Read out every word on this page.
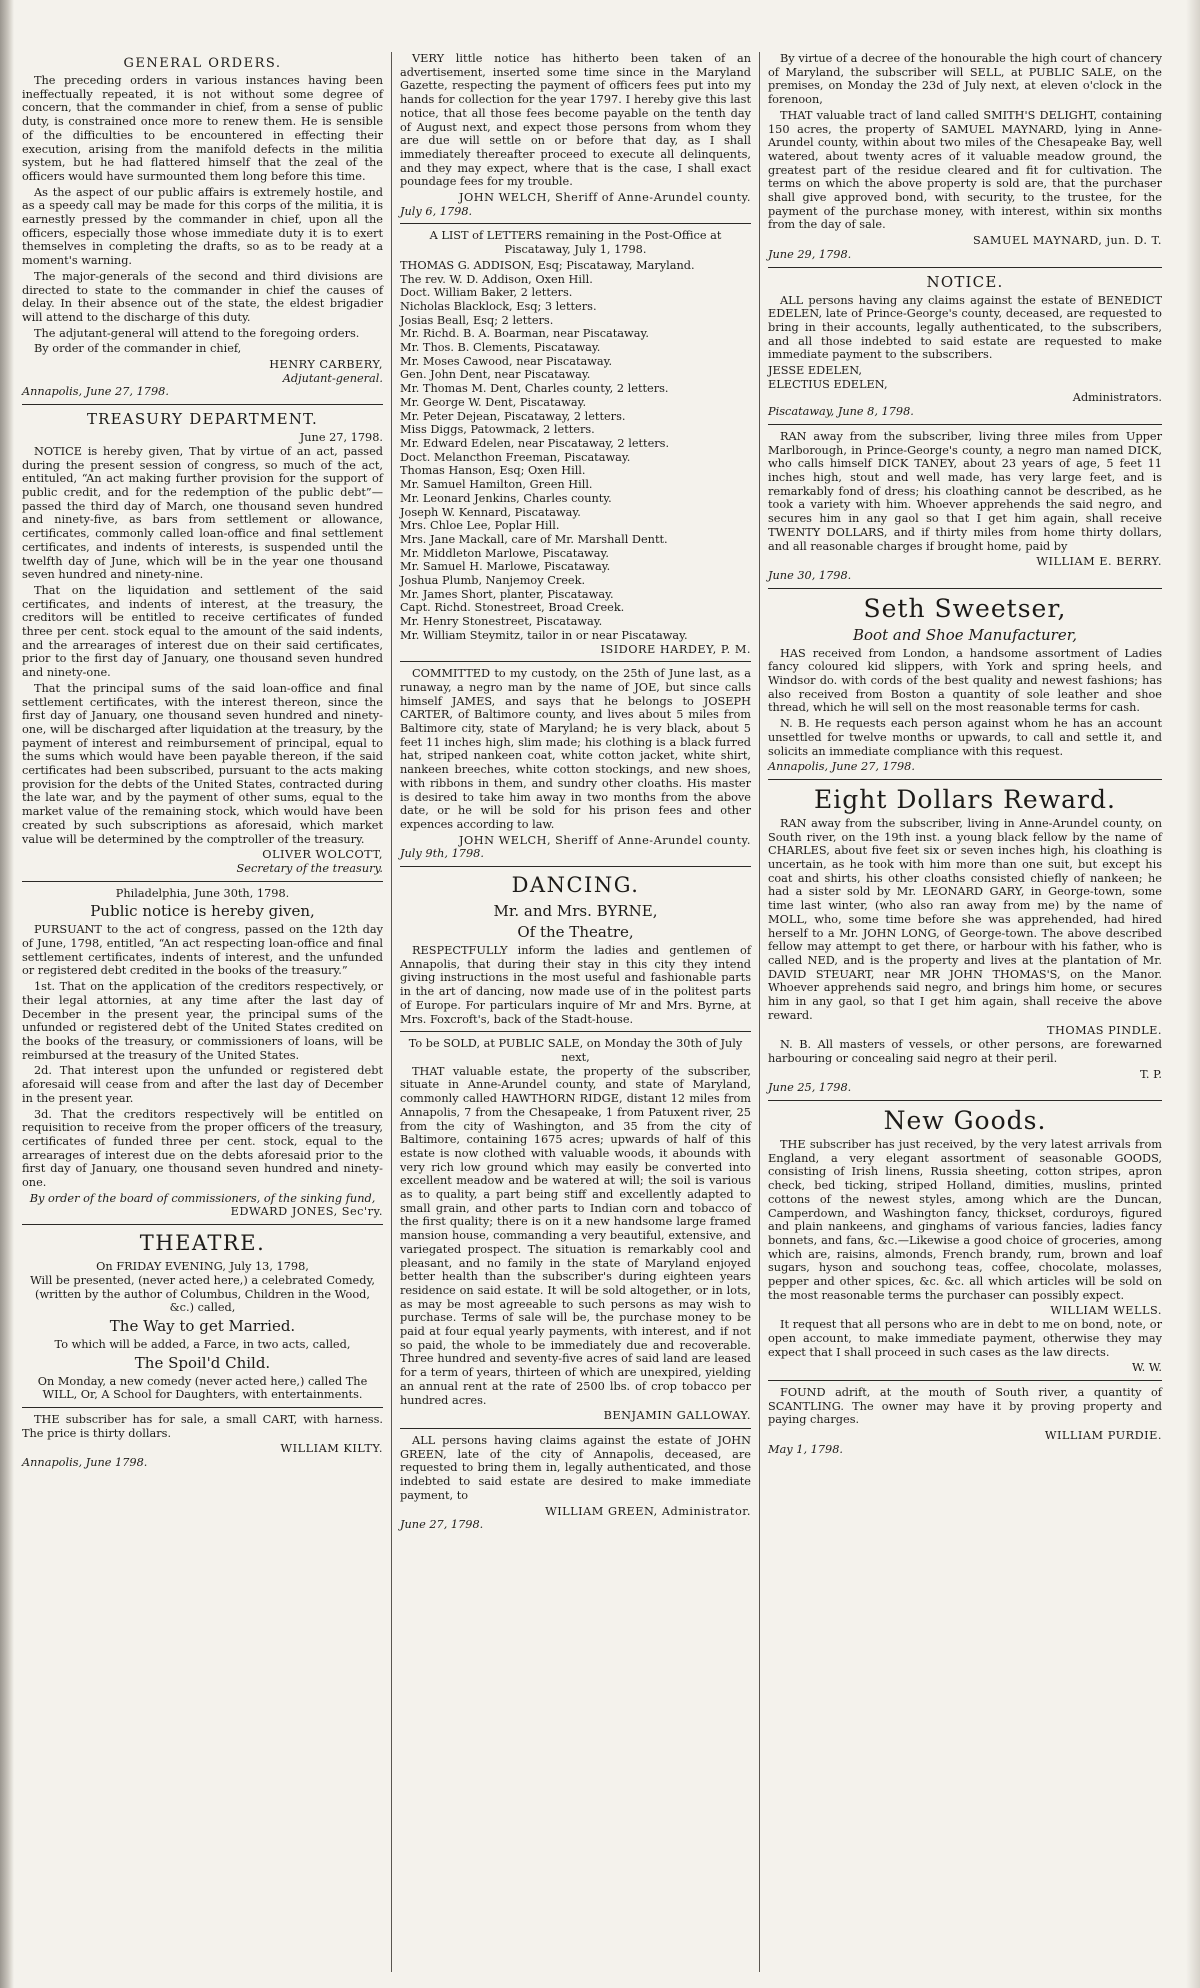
GENERAL ORDERS.

The preceding orders in various instances having been ineffectually repeated, it is not without some degree of concern, that the commander in chief, from a sense of public duty, is constrained once more to renew them. He is sensible of the difficulties to be encountered in effecting their execution, arising from the manifold defects in the militia system, but he had flattered himself that the zeal of the officers would have surmounted them long before this time.

As the aspect of our public affairs is extremely hostile, and as a speedy call may be made for this corps of the militia, it is earnestly pressed by the commander in chief, upon all the officers, especially those whose immediate duty it is to exert themselves in completing the drafts, so as to be ready at a moment's warning.

The major-generals of the second and third divisions are directed to state to the commander in chief the causes of delay. In their absence out of the state, the eldest brigadier will attend to the discharge of this duty.

The adjutant-general will attend to the foregoing orders.

By order of the commander in chief,

HENRY CARBERY,
Adjutant-general.

Annapolis, June 27, 1798.

TREASURY DEPARTMENT.
June 27, 1798.

NOTICE is hereby given, That by virtue of an act, passed during the present session of congress, so much of the act, entituled, “An act making further provision for the support of public credit, and for the redemption of the public debt”—passed the third day of March, one thousand seven hundred and ninety-five, as bars from settlement or allowance, certificates, commonly called loan-office and final settlement certificates, and indents of interests, is suspended until the twelfth day of June, which will be in the year one thousand seven hundred and ninety-nine.

That on the liquidation and settlement of the said certificates, and indents of interest, at the treasury, the creditors will be entitled to receive certificates of funded three per cent. stock equal to the amount of the said indents, and the arrearages of interest due on their said certificates, prior to the first day of January, one thousand seven hundred and ninety-one.

That the principal sums of the said loan-office and final settlement certificates, with the interest thereon, since the first day of January, one thousand seven hundred and ninety-one, will be discharged after liquidation at the treasury, by the payment of interest and reimbursement of principal, equal to the sums which would have been payable thereon, if the said certificates had been subscribed, pursuant to the acts making provision for the debts of the United States, contracted during the late war, and by the payment of other sums, equal to the market value of the remaining stock, which would have been created by such subscriptions as aforesaid, which market value will be determined by the comptroller of the treasury.

OLIVER WOLCOTT,
Secretary of the treasury.
Philadelphia, June 30th, 1798.
Public notice is hereby given,

PURSUANT to the act of congress, passed on the 12th day of June, 1798, entitled, “An act respecting loan-office and final settlement certificates, indents of interest, and the unfunded or registered debt credited in the books of the treasury.”

1st. That on the application of the creditors respectively, or their legal attornies, at any time after the last day of December in the present year, the principal sums of the unfunded or registered debt of the United States credited on the books of the treasury, or commissioners of loans, will be reimbursed at the treasury of the United States.

2d. That interest upon the unfunded or registered debt aforesaid will cease from and after the last day of December in the present year.

3d. That the creditors respectively will be entitled on requisition to receive from the proper officers of the treasury, certificates of funded three per cent. stock, equal to the arrearages of interest due on the debts aforesaid prior to the first day of January, one thousand seven hundred and ninety-one.

By order of the board of commissioners, of the sinking fund,
EDWARD JONES, Sec'ry.
THEATRE.
On FRIDAY EVENING, July 13, 1798,
Will be presented, (never acted here,) a celebrated Comedy, (written by the author of Columbus, Children in the Wood, &c.) called,
The Way to get Married.
To which will be added, a Farce, in two acts, called,
The Spoil'd Child.
On Monday, a new comedy (never acted here,) called The WILL, Or, A School for Daughters, with entertainments.

THE subscriber has for sale, a small CART, with harness. The price is thirty dollars.

WILLIAM KILTY.
Annapolis, June 1798.

VERY little notice has hitherto been taken of an advertisement, inserted some time since in the Maryland Gazette, respecting the payment of officers fees put into my hands for collection for the year 1797. I hereby give this last notice, that all those fees become payable on the tenth day of August next, and expect those persons from whom they are due will settle on or before that day, as I shall immediately thereafter proceed to execute all delinquents, and they may expect, where that is the case, I shall exact poundage fees for my trouble.

JOHN WELCH, Sheriff of Anne-Arundel county.
July 6, 1798.

A LIST of LETTERS remaining in the Post-Office at Piscataway, July 1, 1798.

THOMAS G. ADDISON, Esq; Piscataway, Maryland.
The rev. W. D. Addison, Oxen Hill.
Doct. William Baker, 2 letters.
Nicholas Blacklock, Esq; 3 letters.
Josias Beall, Esq; 2 letters.
Mr. Richd. B. A. Boarman, near Piscataway.
Mr. Thos. B. Clements, Piscataway.
Mr. Moses Cawood, near Piscataway.
Gen. John Dent, near Piscataway.
Mr. Thomas M. Dent, Charles county, 2 letters.
Mr. George W. Dent, Piscataway.
Mr. Peter Dejean, Piscataway, 2 letters.
Miss Diggs, Patowmack, 2 letters.
Mr. Edward Edelen, near Piscataway, 2 letters.
Doct. Melancthon Freeman, Piscataway.
Thomas Hanson, Esq; Oxen Hill.
Mr. Samuel Hamilton, Green Hill.
Mr. Leonard Jenkins, Charles county.
Joseph W. Kennard, Piscataway.
Mrs. Chloe Lee, Poplar Hill.
Mrs. Jane Mackall, care of Mr. Marshall Dentt.
Mr. Middleton Marlowe, Piscataway.
Mr. Samuel H. Marlowe, Piscataway.
Joshua Plumb, Nanjemoy Creek.
Mr. James Short, planter, Piscataway.
Capt. Richd. Stonestreet, Broad Creek.
Mr. Henry Stonestreet, Piscataway.
Mr. William Steymitz, tailor in or near Piscataway.
ISIDORE HARDEY, P. M.

COMMITTED to my custody, on the 25th of June last, as a runaway, a negro man by the name of JOE, but since calls himself JAMES, and says that he belongs to JOSEPH CARTER, of Baltimore county, and lives about 5 miles from Baltimore city, state of Maryland; he is very black, about 5 feet 11 inches high, slim made; his clothing is a black furred hat, striped nankeen coat, white cotton jacket, white shirt, nankeen breeches, white cotton stockings, and new shoes, with ribbons in them, and sundry other cloaths. His master is desired to take him away in two months from the above date, or he will be sold for his prison fees and other expences according to law.

JOHN WELCH, Sheriff of Anne-Arundel county.
July 9th, 1798.
DANCING.
Mr. and Mrs. BYRNE,
Of the Theatre,

RESPECTFULLY inform the ladies and gentlemen of Annapolis, that during their stay in this city they intend giving instructions in the most useful and fashionable parts in the art of dancing, now made use of in the politest parts of Europe. For particulars inquire of Mr and Mrs. Byrne, at Mrs. Foxcroft's, back of the Stadt-house.

To be SOLD, at PUBLIC SALE, on Monday the 30th of July next,

THAT valuable estate, the property of the subscriber, situate in Anne-Arundel county, and state of Maryland, commonly called HAWTHORN RIDGE, distant 12 miles from Annapolis, 7 from the Chesapeake, 1 from Patuxent river, 25 from the city of Washington, and 35 from the city of Baltimore, containing 1675 acres; upwards of half of this estate is now clothed with valuable woods, it abounds with very rich low ground which may easily be converted into excellent meadow and be watered at will; the soil is various as to quality, a part being stiff and excellently adapted to small grain, and other parts to Indian corn and tobacco of the first quality; there is on it a new handsome large framed mansion house, commanding a very beautiful, extensive, and variegated prospect. The situation is remarkably cool and pleasant, and no family in the state of Maryland enjoyed better health than the subscriber's during eighteen years residence on said estate. It will be sold altogether, or in lots, as may be most agreeable to such persons as may wish to purchase. Terms of sale will be, the purchase money to be paid at four equal yearly payments, with interest, and if not so paid, the whole to be immediately due and recoverable. Three hundred and seventy-five acres of said land are leased for a term of years, thirteen of which are unexpired, yielding an annual rent at the rate of 2500 lbs. of crop tobacco per hundred acres.

BENJAMIN GALLOWAY.

ALL persons having claims against the estate of JOHN GREEN, late of the city of Annapolis, deceased, are requested to bring them in, legally authenticated, and those indebted to said estate are desired to make immediate payment, to

WILLIAM GREEN, Administrator.
June 27, 1798.

By virtue of a decree of the honourable the high court of chancery of Maryland, the subscriber will SELL, at PUBLIC SALE, on the premises, on Monday the 23d of July next, at eleven o'clock in the forenoon,

THAT valuable tract of land called SMITH'S DELIGHT, containing 150 acres, the property of SAMUEL MAYNARD, lying in Anne-Arundel county, within about two miles of the Chesapeake Bay, well watered, about twenty acres of it valuable meadow ground, the greatest part of the residue cleared and fit for cultivation. The terms on which the above property is sold are, that the purchaser shall give approved bond, with security, to the trustee, for the payment of the purchase money, with interest, within six months from the day of sale.

SAMUEL MAYNARD, jun. D. T.
June 29, 1798.
NOTICE.

ALL persons having any claims against the estate of BENEDICT EDELEN, late of Prince-George's county, deceased, are requested to bring in their accounts, legally authenticated, to the subscribers, and all those indebted to said estate are requested to make immediate payment to the subscribers.

JESSE EDELEN,
ELECTIUS EDELEN,
Administrators.
Piscataway, June 8, 1798.

RAN away from the subscriber, living three miles from Upper Marlborough, in Prince-George's county, a negro man named DICK, who calls himself DICK TANEY, about 23 years of age, 5 feet 11 inches high, stout and well made, has very large feet, and is remarkably fond of dress; his cloathing cannot be described, as he took a variety with him. Whoever apprehends the said negro, and secures him in any gaol so that I get him again, shall receive TWENTY DOLLARS, and if thirty miles from home thirty dollars, and all reasonable charges if brought home, paid by

WILLIAM E. BERRY.
June 30, 1798.
Seth Sweetser,
Boot and Shoe Manufacturer,

HAS received from London, a handsome assortment of Ladies fancy coloured kid slippers, with York and spring heels, and Windsor do. with cords of the best quality and newest fashions; has also received from Boston a quantity of sole leather and shoe thread, which he will sell on the most reasonable terms for cash.

N. B. He requests each person against whom he has an account unsettled for twelve months or upwards, to call and settle it, and solicits an immediate compliance with this request.

Annapolis, June 27, 1798.
Eight Dollars Reward.

RAN away from the subscriber, living in Anne-Arundel county, on South river, on the 19th inst. a young black fellow by the name of CHARLES, about five feet six or seven inches high, his cloathing is uncertain, as he took with him more than one suit, but except his coat and shirts, his other cloaths consisted chiefly of nankeen; he had a sister sold by Mr. LEONARD GARY, in George-town, some time last winter, (who also ran away from me) by the name of MOLL, who, some time before she was apprehended, had hired herself to a Mr. JOHN LONG, of George-town. The above described fellow may attempt to get there, or harbour with his father, who is called NED, and is the property and lives at the plantation of Mr. DAVID STEUART, near MR JOHN THOMAS'S, on the Manor. Whoever apprehends said negro, and brings him home, or secures him in any gaol, so that I get him again, shall receive the above reward.

THOMAS PINDLE.

N. B. All masters of vessels, or other persons, are forewarned harbouring or concealing said negro at their peril.

T. P.
June 25, 1798.
New Goods.

THE subscriber has just received, by the very latest arrivals from England, a very elegant assortment of seasonable GOODS, consisting of Irish linens, Russia sheeting, cotton stripes, apron check, bed ticking, striped Holland, dimities, muslins, printed cottons of the newest styles, among which are the Duncan, Camperdown, and Washington fancy, thickset, corduroys, figured and plain nankeens, and ginghams of various fancies, ladies fancy bonnets, and fans, &c.—Likewise a good choice of groceries, among which are, raisins, almonds, French brandy, rum, brown and loaf sugars, hyson and souchong teas, coffee, chocolate, molasses, pepper and other spices, &c. &c. all which articles will be sold on the most reasonable terms the purchaser can possibly expect.

WILLIAM WELLS.

It request that all persons who are in debt to me on bond, note, or open account, to make immediate payment, otherwise they may expect that I shall proceed in such cases as the law directs.

W. W.

FOUND adrift, at the mouth of South river, a quantity of SCANTLING. The owner may have it by proving property and paying charges.

WILLIAM PURDIE.
May 1, 1798.
